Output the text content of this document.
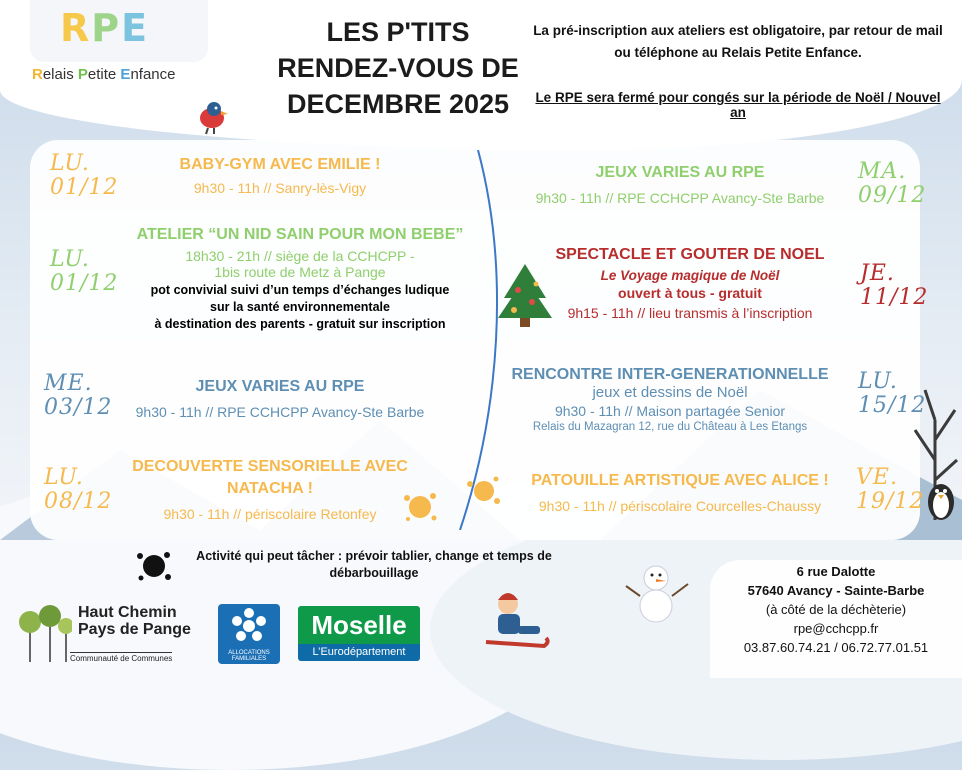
RPE
Relais Petite Enfance
LES P'TITS
RENDEZ-VOUS DE
DECEMBRE 2025
La pré-inscription aux ateliers est obligatoire, par retour de mail
ou téléphone au Relais Petite Enfance.
Le RPE sera fermé pour congés sur la période de Noël / Nouvel an
LU.
01/12
LU.
01/12
ME.
03/12
LU.
08/12
BABY-GYM AVEC EMILIE !
9h30 - 11h // Sanry-lès-Vigy
ATELIER “UN NID SAIN POUR MON BEBE”
18h30 - 21h // siège de la CCHCPP -
1bis route de Metz à Pange
pot convivial suivi d’un temps d’échanges ludique
sur la santé environnementale
à destination des parents - gratuit sur inscription
JEUX VARIES AU RPE
9h30 - 11h // RPE CCHCPP Avancy-Ste Barbe
DECOUVERTE SENSORIELLE AVEC
NATACHA !
9h30 - 11h // périscolaire Retonfey
JEUX VARIES AU RPE
9h30 - 11h // RPE CCHCPP Avancy-Ste Barbe
SPECTACLE ET GOUTER DE NOEL
Le Voyage magique de Noël
ouvert à tous - gratuit
9h15 - 11h // lieu transmis à l’inscription
RENCONTRE INTER-GENERATIONNELLE
jeux et dessins de Noël
9h30 - 11h // Maison partagée Senior
Relais du Mazagran 12, rue du Château à Les Etangs
PATOUILLE ARTISTIQUE AVEC ALICE !
9h30 - 11h // périscolaire Courcelles-Chaussy
MA.
09/12
JE.
11/12
LU.
15/12
VE.
19/12
Activité qui peut tâcher : prévoir tablier, change et temps de
débarbouillage	6 rue Dalotte
57640 Avancy - Sainte-Barbe
(à côté de la déchèterie)
rpe@cchcpp.fr
03.87.60.74.21 / 06.72.77.01.51
Haut Chemin
Pays de Pange
Communauté de Communes
ALLOCATIONS FAMILIALES
Moselle
L’Eurodépartement
